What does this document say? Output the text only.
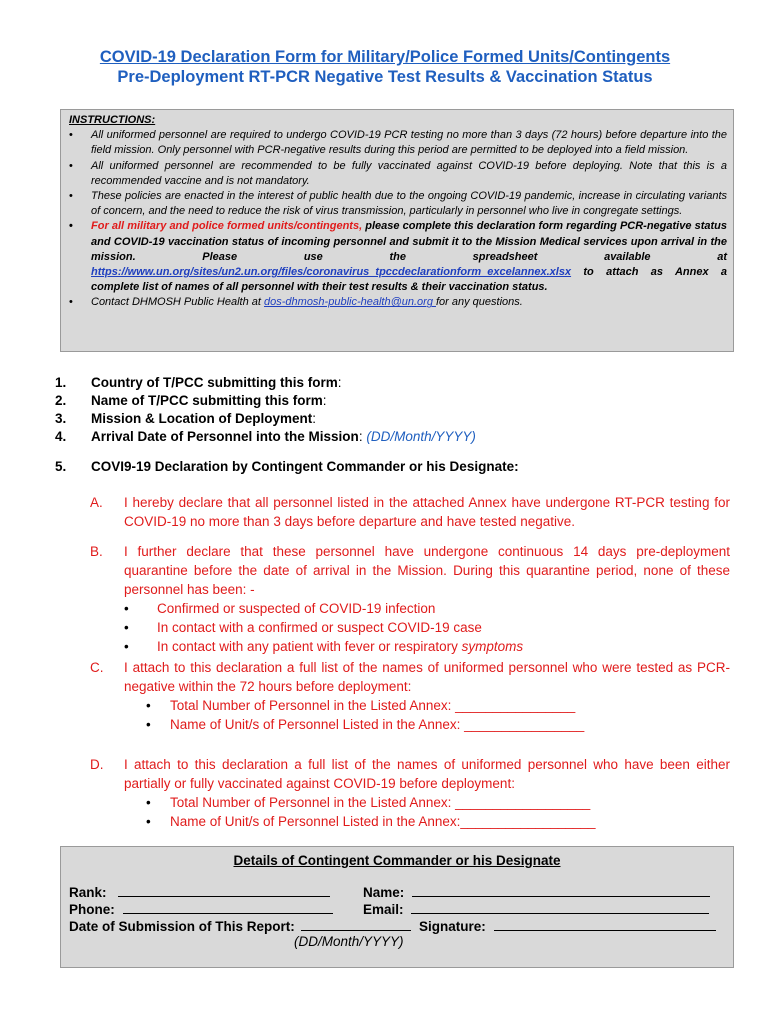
COVID-19 Declaration Form for Military/Police Formed Units/Contingents
Pre-Deployment RT-PCR Negative Test Results & Vaccination Status
INSTRUCTIONS:
• All uniformed personnel are required to undergo COVID-19 PCR testing no more than 3 days (72 hours) before departure into the field mission. Only personnel with PCR-negative results during this period are permitted to be deployed into a field mission.
• All uniformed personnel are recommended to be fully vaccinated against COVID-19 before deploying. Note that this is a recommended vaccine and is not mandatory.
• These policies are enacted in the interest of public health due to the ongoing COVID-19 pandemic, increase in circulating variants of concern, and the need to reduce the risk of virus transmission, particularly in personnel who live in congregate settings.
• For all military and police formed units/contingents, please complete this declaration form regarding PCR-negative status and COVID-19 vaccination status of incoming personnel and submit it to the Mission Medical services upon arrival in the mission. Please use the spreadsheet available at https://www.un.org/sites/un2.un.org/files/coronavirus_tpccdeclarationform_excelannex.xlsx to attach as Annex a complete list of names of all personnel with their test results & their vaccination status.
• Contact DHMOSH Public Health at dos-dhmosh-public-health@un.org for any questions.
1.	Country of T/PCC submitting this form :
2.	Name of T/PCC submitting this form :
3.	Mission & Location of Deployment :
4.	Arrival Date of Personnel into the Mission :
(DD/Month/YYYY)
5.	COVI9-19 Declaration by Contingent Commander or his Designate:
A.	I hereby declare that all personnel listed in the attached Annex have undergone RT-PCR testing for COVID-19 no more than 3 days before departure and have tested negative.
B.	I further declare that these personnel have undergone continuous 14 days pre-deployment quarantine before the date of arrival in the Mission. During this quarantine period, none of these personnel has been: -
• Confirmed or suspected of COVID-19 infection
• In contact with a confirmed or suspect COVID-19 case
• In contact with any patient with fever or respiratory symptoms
C.	I attach to this declaration a full list of the names of uniformed personnel who were tested as PCR-negative within the 72 hours before deployment:
• Total Number of Personnel in the Listed Annex: ________________
• Name of Unit/s of Personnel Listed in the Annex: ________________
D.	I attach to this declaration a full list of the names of uniformed personnel who have been either partially or fully vaccinated against COVID-19 before deployment:
• Total Number of Personnel in the Listed Annex: __________________
• Name of Unit/s of Personnel Listed in the Annex:__________________
Details of Contingent Commander or his Designate
Rank:	Name:
Phone:	Email:
Date of Submission of This Report:	Signature:
(DD/Month/YYYY)
